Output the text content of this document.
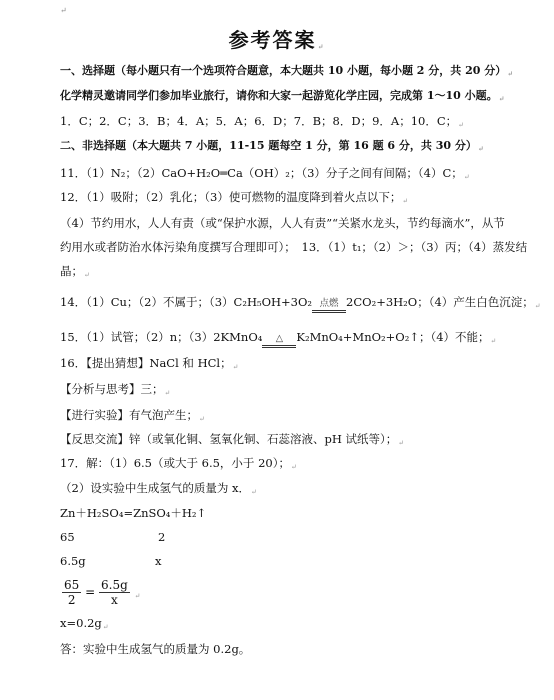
↵
参考答案↵
一、选择题（每小题只有一个选项符合题意，本大题共 10 小题，每小题 2 分，共 20 分）↵
化学精灵邀请同学们参加毕业旅行，请你和大家一起游览化学庄园，完成第 1～10 小题。↵
1．C；2．C；3．B；4．A；5．A；6．D；7．B；8．D；9．A；10．C；↵
二、非选择题（本大题共 7 小题，11-15 题每空 1 分，第 16 题 6 分，共 30 分）↵
11．（1）N₂；（2）CaO+H₂O═Ca（OH）₂；（3）分子之间有间隔；（4）C；↵
12．（1）吸附；（2）乳化；（3）使可燃物的温度降到着火点以下；↵
（4）节约用水，人人有责（或“保护水源，人人有责”“关紧水龙头，节约每滴水”，从节
约用水或者防治水体污染角度撰写合理即可）；　13．（1）t₁；（2）＞；（3）丙；（4）蒸发结
晶；↵
14．（1）Cu；（2）不属于；（3）C₂H₅OH+3O₂ 点燃 2CO₂+3H₂O；（4）产生白色沉淀；↵
15．（1）试管；（2）n；（3）2KMnO₄	△	K₂MnO₄+MnO₂+O₂↑；（4）不能；↵
16．【提出猜想】NaCl 和 HCl；↵
【分析与思考】三；↵
【进行实验】有气泡产生；↵
【反思交流】锌（或氧化铜、氢氧化铜、石蕊溶液、pH 试纸等）；↵
17．解：（1）6.5（或大于 6.5，小于 20）；↵
（2）设实验中生成氢气的质量为 x．↵
Zn＋H₂SO₄=ZnSO₄＋H₂↑
65	2
6.5g	x
$\frac{65}{2} = \frac{6.5g}{x}$ ↵
x=0.2g↵
答：实验中生成氢气的质量为 0.2g。
